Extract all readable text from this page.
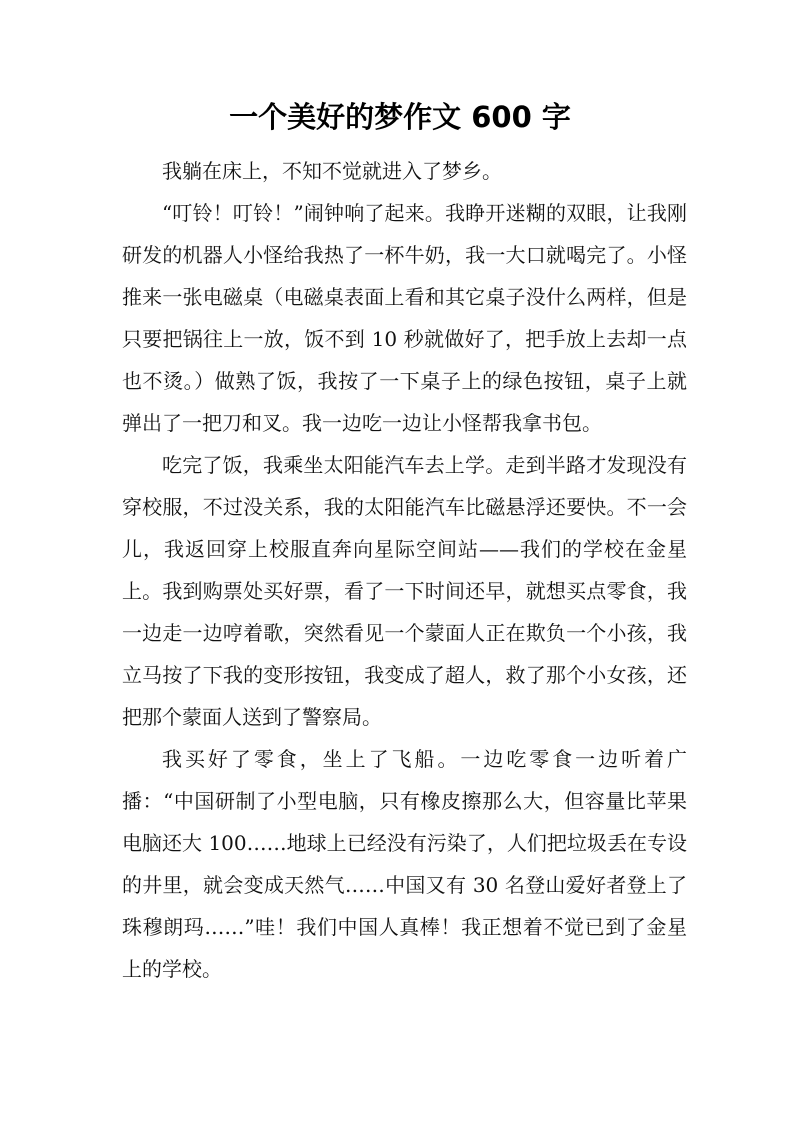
一个美好的梦作文 600 字

我躺在床上，不知不觉就进入了梦乡。

“叮铃！叮铃！”闹钟响了起来。我睁开迷糊的双眼，让我刚研发的机器人小怪给我热了一杯牛奶，我一大口就喝完了。小怪推来一张电磁桌（电磁桌表面上看和其它桌子没什么两样，但是只要把锅往上一放，饭不到 10 秒就做好了，把手放上去却一点也不烫。）做熟了饭，我按了一下桌子上的绿色按钮，桌子上就弹出了一把刀和叉。我一边吃一边让小怪帮我拿书包。

吃完了饭，我乘坐太阳能汽车去上学。走到半路才发现没有穿校服，不过没关系，我的太阳能汽车比磁悬浮还要快。不一会儿，我返回穿上校服直奔向星际空间站——我们的学校在金星上。我到购票处买好票，看了一下时间还早，就想买点零食，我一边走一边哼着歌，突然看见一个蒙面人正在欺负一个小孩，我立马按了下我的变形按钮，我变成了超人，救了那个小女孩，还把那个蒙面人送到了警察局。

我买好了零食，坐上了飞船。一边吃零食一边听着广播：“中国研制了小型电脑，只有橡皮擦那么大，但容量比苹果电脑还大 100……地球上已经没有污染了，人们把垃圾丢在专设的井里，就会变成天然气……中国又有 30 名登山爱好者登上了珠穆朗玛……”哇！我们中国人真棒！我正想着不觉已到了金星上的学校。
